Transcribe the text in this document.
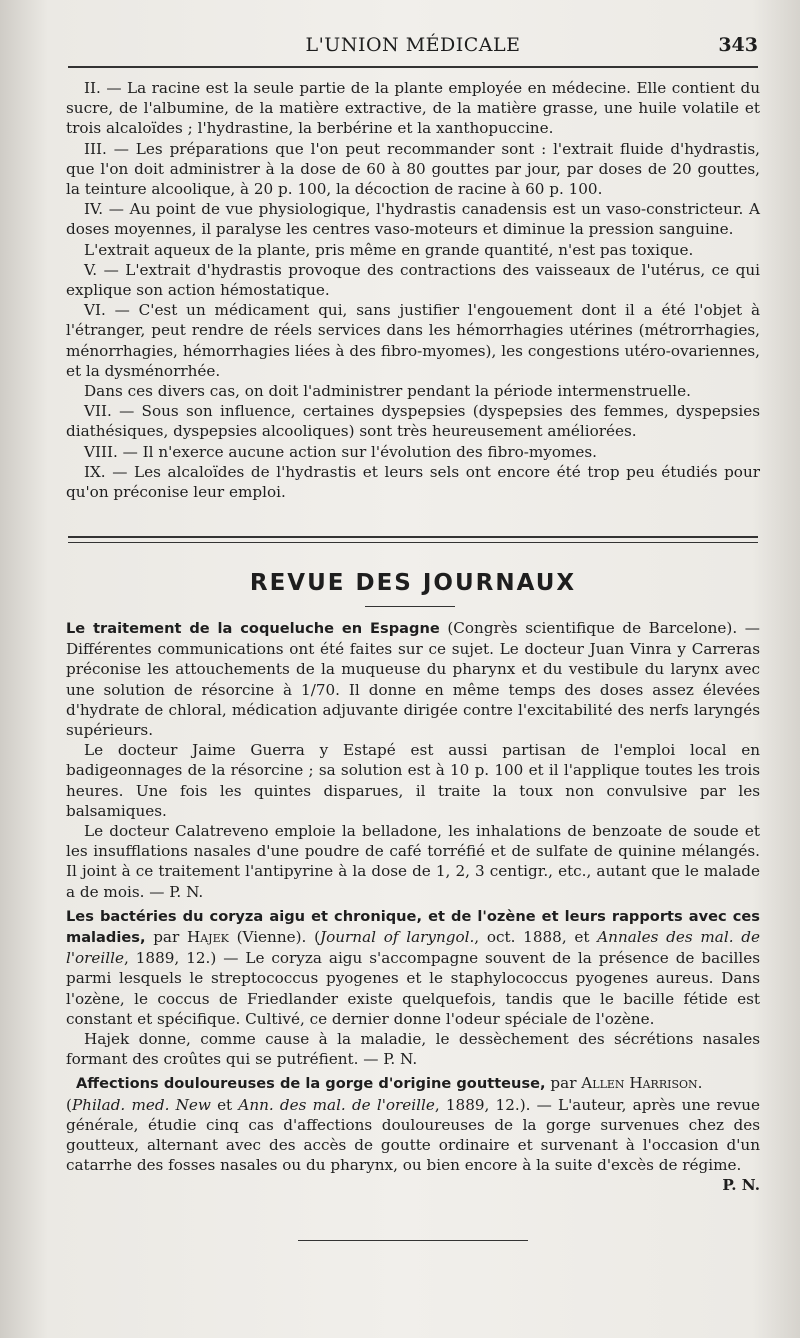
L'UNION MÉDICALE	343

II. — La racine est la seule partie de la plante employée en médecine. Elle contient du sucre, de l'albumine, de la matière extractive, de la matière grasse, une huile volatile et trois alcaloïdes ; l'hydrastine, la berbérine et la xanthopuccine.

III. — Les préparations que l'on peut recommander sont : l'extrait fluide d'hydrastis, que l'on doit administrer à la dose de 60 à 80 gouttes par jour, par doses de 20 gouttes, la teinture alcoolique, à 20 p. 100, la décoction de racine à 60 p. 100.

IV. — Au point de vue physiologique, l'hydrastis canadensis est un vaso-constricteur. A doses moyennes, il paralyse les centres vaso-moteurs et diminue la pression sanguine.

L'extrait aqueux de la plante, pris même en grande quantité, n'est pas toxique.

V. — L'extrait d'hydrastis provoque des contractions des vaisseaux de l'utérus, ce qui explique son action hémostatique.

VI. — C'est un médicament qui, sans justifier l'engouement dont il a été l'objet à l'étranger, peut rendre de réels services dans les hémorrhagies utérines (métrorrhagies, ménorrhagies, hémorrhagies liées à des fibro-myomes), les congestions utéro-ovariennes, et la dysménorrhée.

Dans ces divers cas, on doit l'administrer pendant la période intermenstruelle.

VII. — Sous son influence, certaines dyspepsies (dyspepsies des femmes, dyspepsies diathésiques, dyspepsies alcooliques) sont très heureusement améliorées.

VIII. — Il n'exerce aucune action sur l'évolution des fibro-myomes.

IX. — Les alcaloïdes de l'hydrastis et leurs sels ont encore été trop peu étudiés pour qu'on préconise leur emploi.

REVUE DES JOURNAUX

Le traitement de la coqueluche en Espagne (Congrès scientifique de Barcelone). — Différentes communications ont été faites sur ce sujet. Le docteur Juan Vinra y Carreras préconise les attouchements de la muqueuse du pharynx et du vestibule du larynx avec une solution de résorcine à 1/70. Il donne en même temps des doses assez élevées d'hydrate de chloral, médication adjuvante dirigée contre l'excitabilité des nerfs laryngés supérieurs.

Le docteur Jaime Guerra y Estapé est aussi partisan de l'emploi local en badigeonnages de la résorcine ; sa solution est à 10 p. 100 et il l'applique toutes les trois heures. Une fois les quintes disparues, il traite la toux non convulsive par les balsamiques.

Le docteur Calatreveno emploie la belladone, les inhalations de benzoate de soude et les insufflations nasales d'une poudre de café torréfié et de sulfate de quinine mélangés. Il joint à ce traitement l'antipyrine à la dose de 1, 2, 3 centigr., etc., autant que le malade a de mois. — P. N.

Les bactéries du coryza aigu et chronique, et de l'ozène et leurs rapports avec ces maladies, par Hajek (Vienne). (Journal of laryngol., oct. 1888, et Annales des mal. de l'oreille, 1889, 12.) — Le coryza aigu s'accompagne souvent de la présence de bacilles parmi lesquels le streptococcus pyogenes et le staphylococcus pyogenes aureus. Dans l'ozène, le coccus de Friedlander existe quelquefois, tandis que le bacille fétide est constant et spécifique. Cultivé, ce dernier donne l'odeur spéciale de l'ozène.

Hajek donne, comme cause à la maladie, le dessèchement des sécrétions nasales formant des croûtes qui se putréfient. — P. N.

Affections douloureuses de la gorge d'origine goutteuse, par Allen Harrison.
(Philad. med. New et Ann. des mal. de l'oreille, 1889, 12.). — L'auteur, après une revue générale, étudie cinq cas d'affections douloureuses de la gorge survenues chez des goutteux, alternant avec des accès de goutte ordinaire et survenant à l'occasion d'un catarrhe des fosses nasales ou du pharynx, ou bien encore à la suite d'excès de régime.

P. N.
